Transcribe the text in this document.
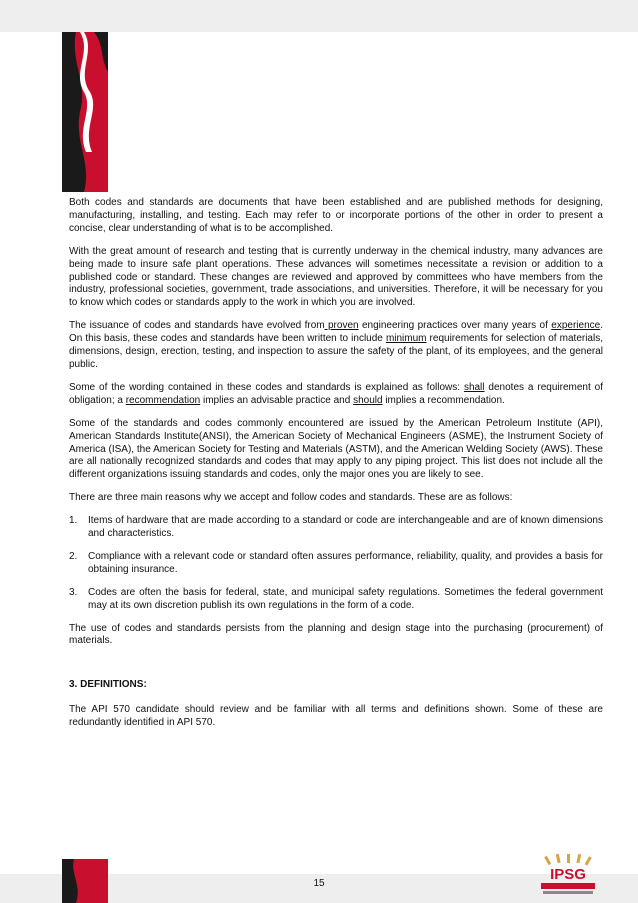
Both codes and standards are documents that have been established and are published methods for designing, manufacturing, installing, and testing. Each may refer to or incorporate portions of the other in order to present a concise, clear understanding of what is to be accomplished.

With the great amount of research and testing that is currently underway in the chemical industry, many advances are being made to insure safe plant operations. These advances will sometimes necessitate a revision or addition to a published code or standard. These changes are reviewed and approved by committees who have members from the industry, professional societies, government, trade associations, and universities. Therefore, it will be necessary for you to know which codes or standards apply to the work in which you are involved.

The issuance of codes and standards have evolved from proven engineering practices over many years of experience. On this basis, these codes and standards have been written to include minimum requirements for selection of materials, dimensions, design, erection, testing, and inspection to assure the safety of the plant, of its employees, and the general public.

Some of the wording contained in these codes and standards is explained as follows: shall denotes a requirement of obligation; a recommendation implies an advisable practice and should implies a recommendation.

Some of the standards and codes commonly encountered are issued by the American Petroleum Institute (API), American Standards Institute(ANSI), the American Society of Mechanical Engineers (ASME), the Instrument Society of America (ISA), the American Society for Testing and Materials (ASTM), and the American Welding Society (AWS). These are all nationally recognized standards and codes that may apply to any piping project. This list does not include all the different organizations issuing standards and codes, only the major ones you are likely to see.

There are three main reasons why we accept and follow codes and standards. These are as follows:

1.	Items of hardware that are made according to a standard or code are interchangeable and are of known dimensions and characteristics.
2.	Compliance with a relevant code or standard often assures performance, reliability, quality, and provides a basis for obtaining insurance.
3.	Codes are often the basis for federal, state, and municipal safety regulations. Sometimes the federal government may at its own discretion publish its own regulations in the form of a code.

The use of codes and standards persists from the planning and design stage into the purchasing (procurement) of materials.

3. DEFINITIONS:

The API 570 candidate should review and be familiar with all terms and definitions shown. Some of these are redundantly identified in API 570.

15
IPSG
